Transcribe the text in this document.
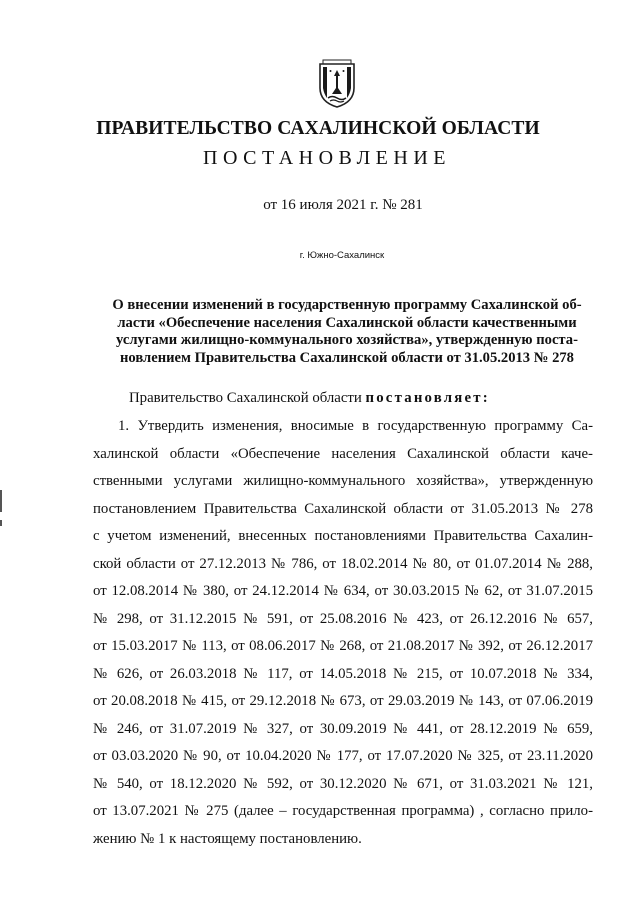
ПРАВИТЕЛЬСТВО САХАЛИНСКОЙ ОБЛАСТИ
ПОСТАНОВЛЕНИЕ
от 16 июля 2021 г. № 281
г. Южно-Сахалинск
О внесении изменений в государственную программу Сахалинской об-
ласти «Обеспечение населения Сахалинской области качественными
услугами жилищно-коммунального хозяйства», утвержденную поста-
новлением Правительства Сахалинской области от 31.05.2013 № 278
Правительство Сахалинской области постановляет:
1. Утвердить изменения, вносимые в государственную программу Са-
халинской области «Обеспечение населения Сахалинской области каче-
ственными услугами жилищно-коммунального хозяйства», утвержденную
постановлением Правительства Сахалинской области от 31.05.2013 № 278
с учетом изменений, внесенных постановлениями Правительства Сахалин-
ской области от 27.12.2013 № 786, от 18.02.2014 № 80, от 01.07.2014 № 288,
от 12.08.2014 № 380, от 24.12.2014 № 634, от 30.03.2015 № 62, от 31.07.2015
№ 298, от 31.12.2015 № 591, от 25.08.2016 № 423, от 26.12.2016 № 657,
от 15.03.2017 № 113, от 08.06.2017 № 268, от 21.08.2017 № 392, от 26.12.2017
№ 626, от 26.03.2018 № 117, от 14.05.2018 № 215, от 10.07.2018 № 334,
от 20.08.2018 № 415, от 29.12.2018 № 673, от 29.03.2019 № 143, от 07.06.2019
№ 246, от 31.07.2019 № 327, от 30.09.2019 № 441, от 28.12.2019 № 659,
от 03.03.2020 № 90, от 10.04.2020 № 177, от 17.07.2020 № 325, от 23.11.2020
№ 540, от 18.12.2020 № 592, от 30.12.2020 № 671, от 31.03.2021 № 121,
от 13.07.2021 № 275 (далее – государственная программа) , согласно прило-
жению № 1 к настоящему постановлению.
